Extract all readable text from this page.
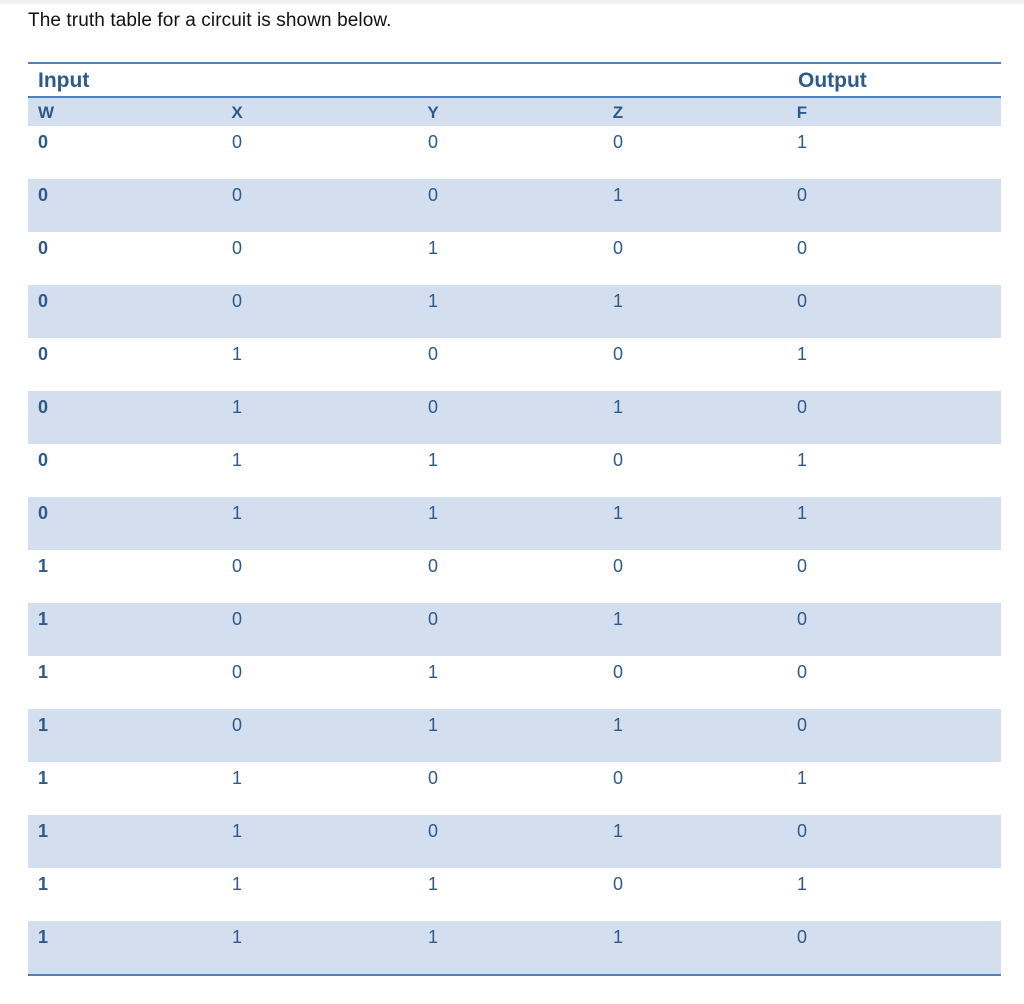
The truth table for a circuit is shown below.
Input	Output
W	X	Y	Z	F
0	0	0	0	1
0	0	0	1	0
0	0	1	0	0
0	0	1	1	0
0	1	0	0	1
0	1	0	1	0
0	1	1	0	1
0	1	1	1	1
1	0	0	0	0
1	0	0	1	0
1	0	1	0	0
1	0	1	1	0
1	1	0	0	1
1	1	0	1	0
1	1	1	0	1
1	1	1	1	0
